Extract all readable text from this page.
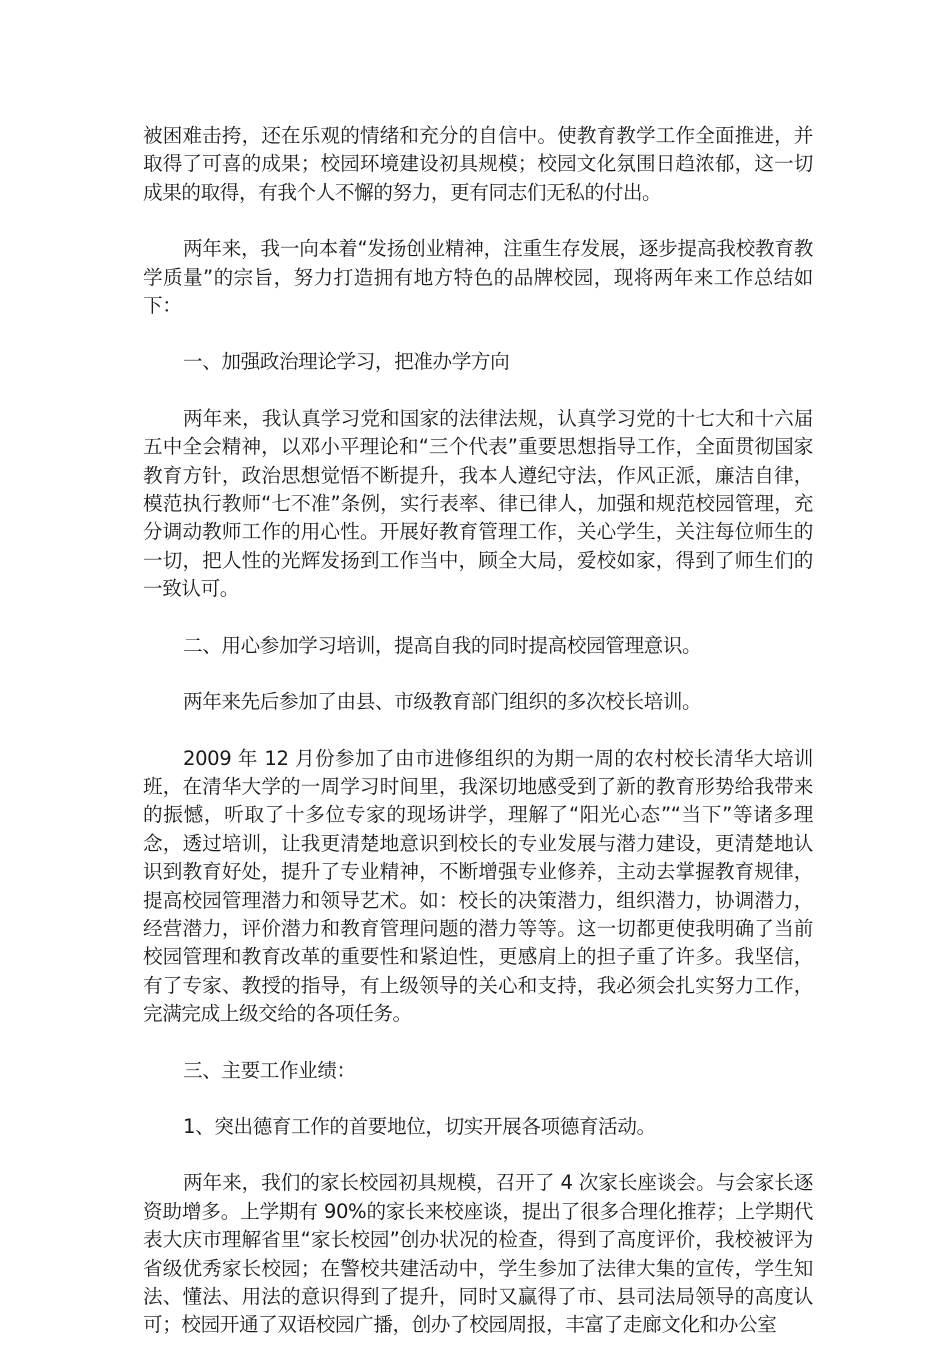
被困难击挎，还在乐观的情绪和充分的自信中。使教育教学工作全面推进，并取得了可喜的成果；校园环境建设初具规模；校园文化氛围日趋浓郁，这一切成果的取得，有我个人不懈的努力，更有同志们无私的付出。

两年来，我一向本着“发扬创业精神，注重生存发展，逐步提高我校教育教学质量”的宗旨，努力打造拥有地方特色的品牌校园，现将两年来工作总结如下：

一、加强政治理论学习，把准办学方向

两年来，我认真学习党和国家的法律法规，认真学习党的十七大和十六届五中全会精神，以邓小平理论和“三个代表”重要思想指导工作，全面贯彻国家教育方针，政治思想觉悟不断提升，我本人遵纪守法，作风正派，廉洁自律，模范执行教师“七不准”条例，实行表率、律已律人，加强和规范校园管理，充分调动教师工作的用心性。开展好教育管理工作，关心学生，关注每位师生的一切，把人性的光辉发扬到工作当中，顾全大局，爱校如家，得到了师生们的一致认可。

二、用心参加学习培训，提高自我的同时提高校园管理意识。

两年来先后参加了由县、市级教育部门组织的多次校长培训。

2009 年 12 月份参加了由市进修组织的为期一周的农村校长清华大培训班，在清华大学的一周学习时间里，我深切地感受到了新的教育形势给我带来的振憾，听取了十多位专家的现场讲学，理解了“阳光心态”“当下”等诸多理念，透过培训，让我更清楚地意识到校长的专业发展与潜力建设，更清楚地认识到教育好处，提升了专业精神，不断增强专业修养，主动去掌握教育规律，提高校园管理潜力和领导艺术。如：校长的决策潜力，组织潜力，协调潜力，经营潜力，评价潜力和教育管理问题的潜力等等。这一切都更使我明确了当前校园管理和教育改革的重要性和紧迫性，更感肩上的担子重了许多。我坚信，有了专家、教授的指导，有上级领导的关心和支持，我必须会扎实努力工作，完满完成上级交给的各项任务。

三、主要工作业绩：

1、突出德育工作的首要地位，切实开展各项德育活动。

两年来，我们的家长校园初具规模，召开了 4 次家长座谈会。与会家长逐资助增多。上学期有 90%的家长来校座谈，提出了很多合理化推荐；上学期代表大庆市理解省里“家长校园”创办状况的检查，得到了高度评价，我校被评为省级优秀家长校园；在警校共建活动中，学生参加了法律大集的宣传，学生知法、懂法、用法的意识得到了提升，同时又赢得了市、县司法局领导的高度认可；校园开通了双语校园广播，创办了校园周报，丰富了走廊文化和办公室
